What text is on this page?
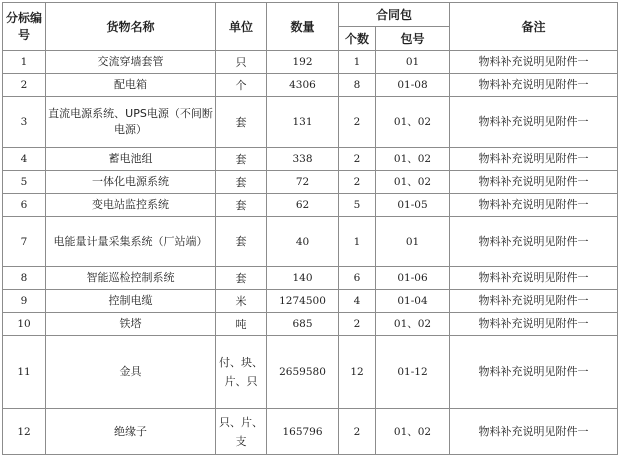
分标编号	货物名称	单位	数量	合同包		备注
				个数	包号	
1	交流穿墙套管	只	192	1	01	物料补充说明见附件一
2	配电箱	个	4306	8	01-08	物料补充说明见附件一
3	直流电源系统、UPS电源（不间断电源）	套	131	2	01、02	物料补充说明见附件一
4	蓄电池组	套	338	2	01、02	物料补充说明见附件一
5	一体化电源系统	套	72	2	01、02	物料补充说明见附件一
6	变电站监控系统	套	62	5	01-05	物料补充说明见附件一
7	电能量计量采集系统（厂站端）	套	40	1	01	物料补充说明见附件一
8	智能巡检控制系统	套	140	6	01-06	物料补充说明见附件一
9	控制电缆	米	1274500	4	01-04	物料补充说明见附件一
10	铁塔	吨	685	2	01、02	物料补充说明见附件一
11	金具	付、块、片、只	2659580	12	01-12	物料补充说明见附件一
12	绝缘子	只、片、支	165796	2	01、02	物料补充说明见附件一
